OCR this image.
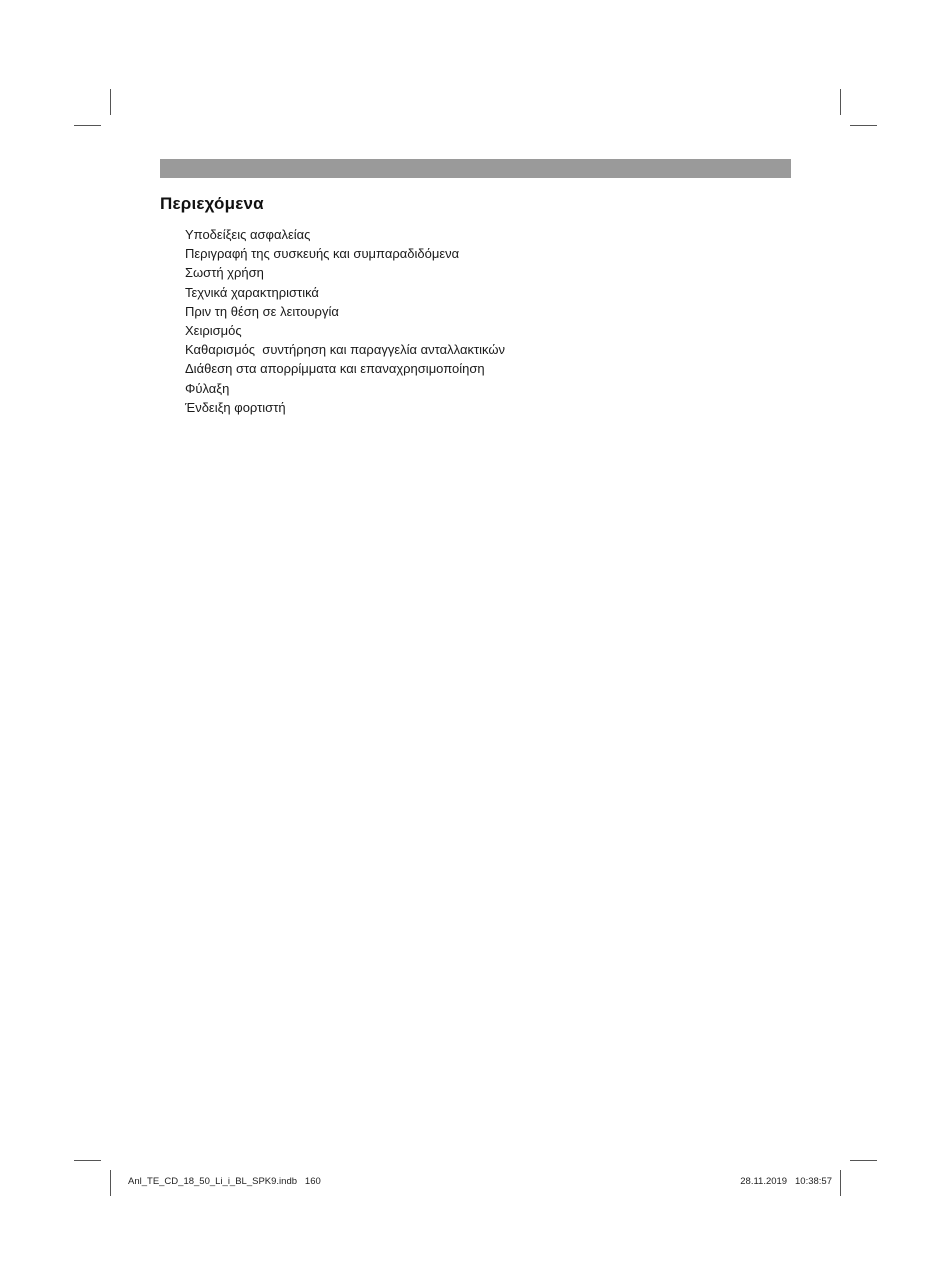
Περιεχόμενα
Υποδείξεις ασφαλείας
Περιγραφή της συσκευής και συμπαραδιδόμενα
Σωστή χρήση
Τεχνικά χαρακτηριστικά
Πριν τη θέση σε λειτουργία
Χειρισμός
Καθαρισμός  συντήρηση και παραγγελία ανταλλακτικών
Διάθεση στα απορρίμματα και επαναχρησιμοποίηση
Φύλαξη
Ένδειξη φορτιστή
Anl_TE_CD_18_50_Li_i_BL_SPK9.indb   160	28.11.2019   10:38:57
